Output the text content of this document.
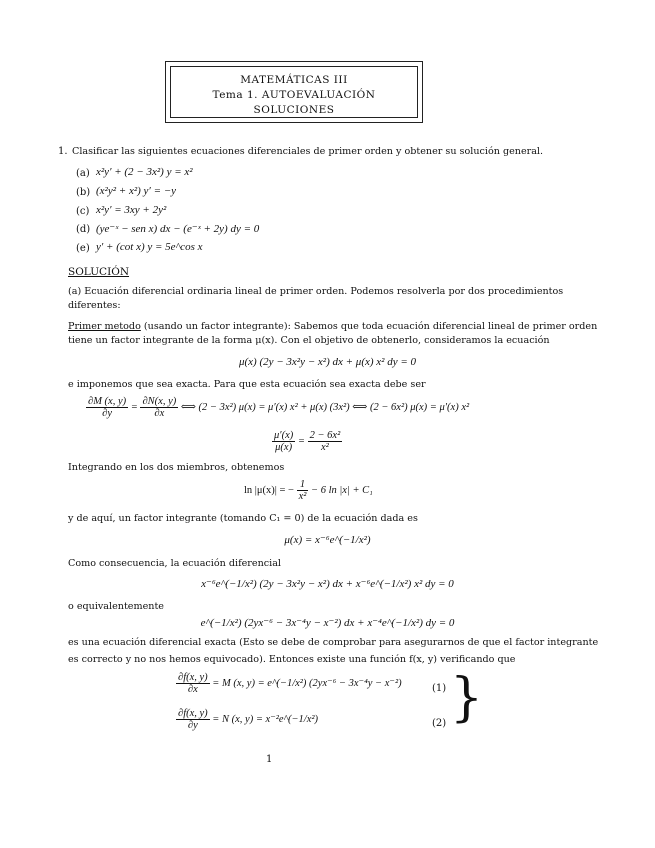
MATEMÁTICAS III
Tema 1. AUTOEVALUACIÓN
SOLUCIONES
1. Clasificar las siguientes ecuaciones diferenciales de primer orden y obtener su solución general.
(a) x²y′ + (2 − 3x²) y = x²
(b) (x²y² + x²) y′ = −y
(c) x²y′ = 3xy + 2y²
(d) (ye⁻ˣ − sen x) dx − (e⁻ˣ + 2y) dy = 0
(e) y′ + (cot x) y = 5e^cos x
SOLUCIÓN
(a) Ecuación diferencial ordinaria lineal de primer orden. Podemos resolverla por dos procedimientos
diferentes:
Primer metodo (usando un factor integrante): Sabemos que toda ecuación diferencial lineal de primer orden
tiene un factor integrante de la forma μ(x). Con el objetivo de obtenerlo, consideramos la ecuación
μ(x) (2y − 3x²y − x²) dx + μ(x) x² dy = 0
e imponemos que sea exacta. Para que esta ecuación sea exacta debe ser
$\frac{\partial M (x, y)}{\partial y} = \frac{\partial N(x, y)}{\partial x}$ ⟺ (2 − 3x²) μ(x) = μ′(x) x² + μ(x) (3x²) ⟺ (2 − 6x²) μ(x) = μ′(x) x²
$\frac{\mu'(x)}{\mu(x)} = \frac{\text{2 − 6x²}}{\text{x²}}$
Integrando en los dos miembros, obtenemos
ln |μ(x)| = − $\frac{1}{\text{x²}} - 6$ ln |x| + C₁
y de aquí, un factor integrante (tomando C₁ = 0) de la ecuación dada es
μ(x) = x⁻⁶e^(−1/x²)
Como consecuencia, la ecuación diferencial
x⁻⁶e^(−1/x²) (2y − 3x²y − x²) dx + x⁻⁶e^(−1/x²) x² dy = 0
o equivalentemente
e^(−1/x²) (2yx⁻⁶ − 3x⁻⁴y − x⁻²) dx + x⁻⁴e^(−1/x²) dy = 0
es una ecuación diferencial exacta (Esto se debe de comprobar para asegurarnos de que el factor integrante
es correcto y no nos hemos equivocado). Entonces existe una función f(x, y) verificando que
$\frac{\partial f(x, y)}{\partial x} = M$ (x, y) = e^(−1/x²) (2yx⁻⁶ − 3x⁻⁴y − x⁻²)	(1)
$\frac{\partial f(x, y)}{\partial y} = N$ (x, y) = x⁻²e^(−1/x²)	(2) }
1
